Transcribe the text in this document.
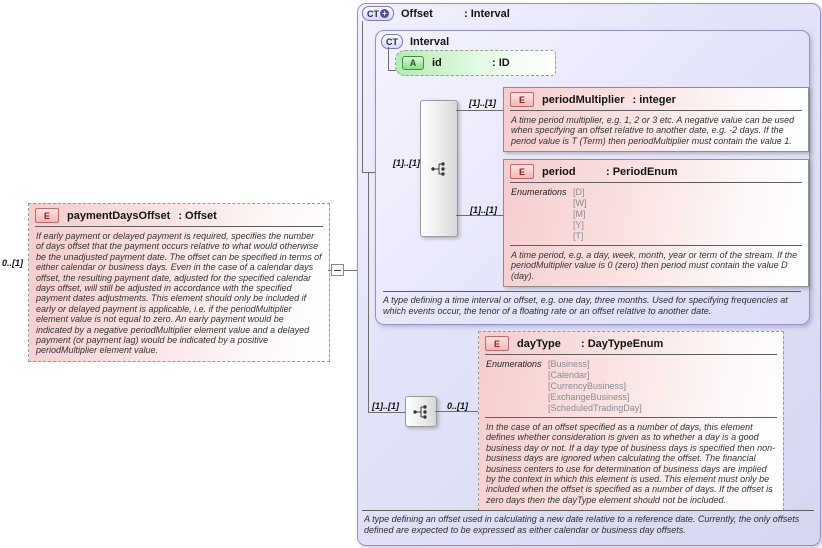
0..[1]
E	paymentDaysOffset : Offset
If early payment or delayed payment is required, specifies the number of days offset that the payment occurs relative to what would otherwise be the unadjusted payment date. The offset can be specified in terms of either calendar or business days. Even in the case of a calendar days offset, the resulting payment date, adjusted for the specified calendar days offset, will still be adjusted in accordance with the specified payment dates adjustments. This element should only be included if early or delayed payment is applicable, i.e. if the periodMultiplier element value is not equal to zero. An early payment would be indicated by a negative periodMultiplier element value and a delayed payment (or payment lag) would be indicated by a positive periodMultiplier element value.
CT + Offset	: Interval
CT Interval
A	id	: ID
[1]..[1]
[1]..[1]	E	periodMultiplier : integer
A time period multiplier, e.g. 1, 2 or 3 etc. A negative value can be used when specifying an offset relative to another date, e.g. -2 days. If the period value is T (Term) then periodMultiplier must contain the value 1.
[1]..[1]
E	period	: PeriodEnum
Enumerations [D]
[W]
[M]
[Y]
[T]
A time period, e.g. a day, week, month, year or term of the stream. If the periodMultiplier value is 0 (zero) then period must contain the value D (day).
A type defining a time interval or offset, e.g. one day, three months. Used for specifying frequencies at which events occur, the tenor of a floating rate or an offset relative to another date.
[1]..[1]	0..[1]
E	dayType	: DayTypeEnum
Enumerations [Business]
[Calendar]
[CurrencyBusiness]
[ExchangeBusiness]
[ScheduledTradingDay]
In the case of an offset specified as a number of days, this element defines whether consideration is given as to whether a day is a good business day or not. If a day type of business days is specified then non-business days are ignored when calculating the offset. The financial business centers to use for determination of business days are implied by the context in which this element is used. This element must only be included when the offset is specified as a number of days. If the offset is zero days then the dayType element should not be included.
A type defining an offset used in calculating a new date relative to a reference date. Currently, the only offsets defined are expected to be expressed as either calendar or business day offsets.
